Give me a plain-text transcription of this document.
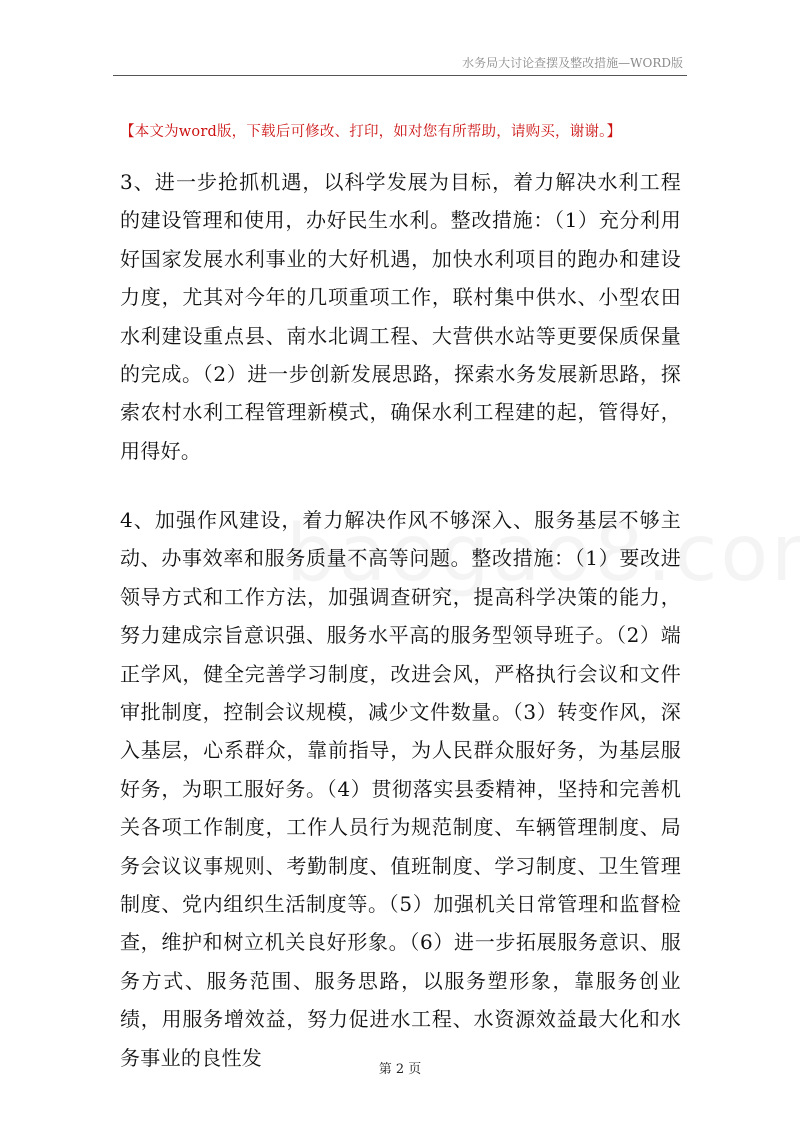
水务局大讨论查摆及整改措施—WORD版
【本文为word版，下载后可修改、打印，如对您有所帮助，请购买，谢谢。】

3、进一步抢抓机遇，以科学发展为目标，着力解决水利工程的建设管理和使用，办好民生水利。整改措施：（1）充分利用好国家发展水利事业的大好机遇，加快水利项目的跑办和建设力度，尤其对今年的几项重项工作，联村集中供水、小型农田水利建设重点县、南水北调工程、大营供水站等更要保质保量的完成。（2）进一步创新发展思路，探索水务发展新思路，探索农村水利工程管理新模式，确保水利工程建的起，管得好，用得好。

4、加强作风建设，着力解决作风不够深入、服务基层不够主动、办事效率和服务质量不高等问题。整改措施：（1）要改进领导方式和工作方法，加强调查研究，提高科学决策的能力，努力建成宗旨意识强、服务水平高的服务型领导班子。（2）端正学风，健全完善学习制度，改进会风，严格执行会议和文件审批制度，控制会议规模，减少文件数量。（3）转变作风，深入基层，心系群众，靠前指导，为人民群众服好务，为基层服好务，为职工服好务。（4）贯彻落实县委精神，坚持和完善机关各项工作制度，工作人员行为规范制度、车辆管理制度、局务会议议事规则、考勤制度、值班制度、学习制度、卫生管理制度、党内组织生活制度等。（5）加强机关日常管理和监督检查，维护和树立机关良好形象。（6）进一步拓展服务意识、服务方式、服务范围、服务思路，以服务塑形象，靠服务创业绩，用服务增效益，努力促进水工程、水资源效益最大化和水务事业的良性发	第 2 页
